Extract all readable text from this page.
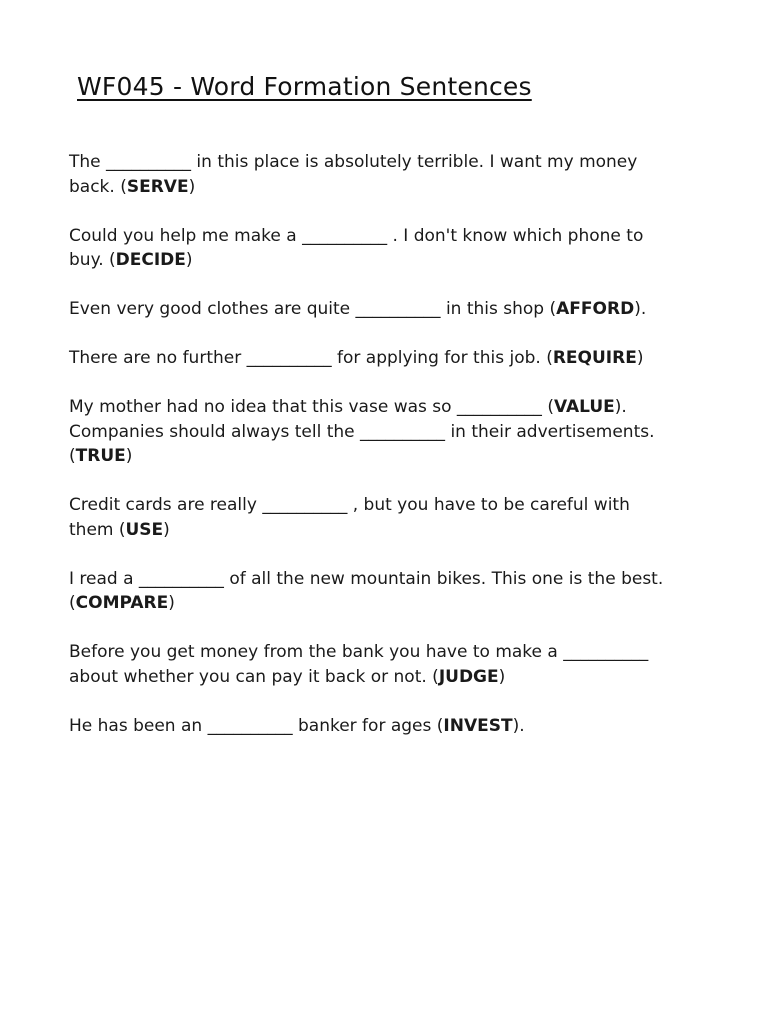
WF045 - Word Formation Sentences
The __________ in this place is absolutely terrible. I want my money
back. (SERVE)
Could you help me make a __________ . I don't know which phone to
buy. (DECIDE)
Even very good clothes are quite __________ in this shop (AFFORD).
There are no further __________ for applying for this job. (REQUIRE)
My mother had no idea that this vase was so __________ (VALUE).
Companies should always tell the __________ in their advertisements.
(TRUE)
Credit cards are really __________ , but you have to be careful with
them (USE)
I read a __________ of all the new mountain bikes. This one is the best.
(COMPARE)
Before you get money from the bank you have to make a __________
about whether you can pay it back or not. (JUDGE)
He has been an __________ banker for ages (INVEST).
